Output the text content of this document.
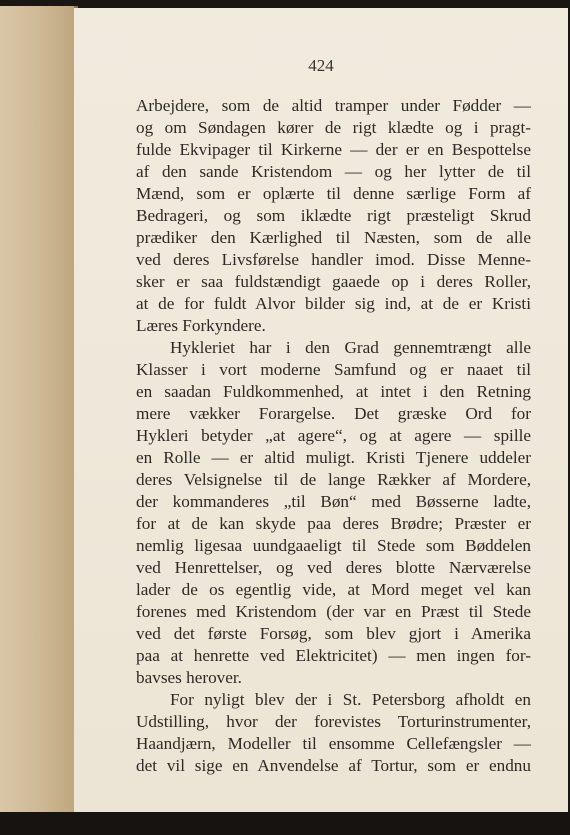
424
Arbejdere, som de altid tramper under Fødder —
og om Søndagen kører de rigt klædte og i pragt-
fulde Ekvipager til Kirkerne — der er en Bespottelse
af den sande Kristendom — og her lytter de til
Mænd, som er oplærte til denne særlige Form af
Bedrageri, og som iklædte rigt præsteligt Skrud
prædiker den Kærlighed til Næsten, som de alle
ved deres Livsførelse handler imod. Disse Menne-
sker er saa fuldstændigt gaaede op i deres Roller,
at de for fuldt Alvor bilder sig ind, at de er Kristi
Læres Forkyndere.
Hykleriet har i den Grad gennemtrængt alle
Klasser i vort moderne Samfund og er naaet til
en saadan Fuldkommenhed, at intet i den Retning
mere vækker Forargelse. Det græske Ord for
Hykleri betyder „at agere“, og at agere — spille
en Rolle — er altid muligt. Kristi Tjenere uddeler
deres Velsignelse til de lange Rækker af Mordere,
der kommanderes „til Bøn“ med Bøsserne ladte,
for at de kan skyde paa deres Brødre; Præster er
nemlig ligesaa uundgaaeligt til Stede som Bøddelen
ved Henrettelser, og ved deres blotte Nærværelse
lader de os egentlig vide, at Mord meget vel kan
forenes med Kristendom (der var en Præst til Stede
ved det første Forsøg, som blev gjort i Amerika
paa at henrette ved Elektricitet) — men ingen for-
bavses herover.
For nyligt blev der i St. Petersborg afholdt en
Udstilling, hvor der forevistes Torturinstrumenter,
Haandjærn, Modeller til ensomme Cellefængsler —
det vil sige en Anvendelse af Tortur, som er endnu
